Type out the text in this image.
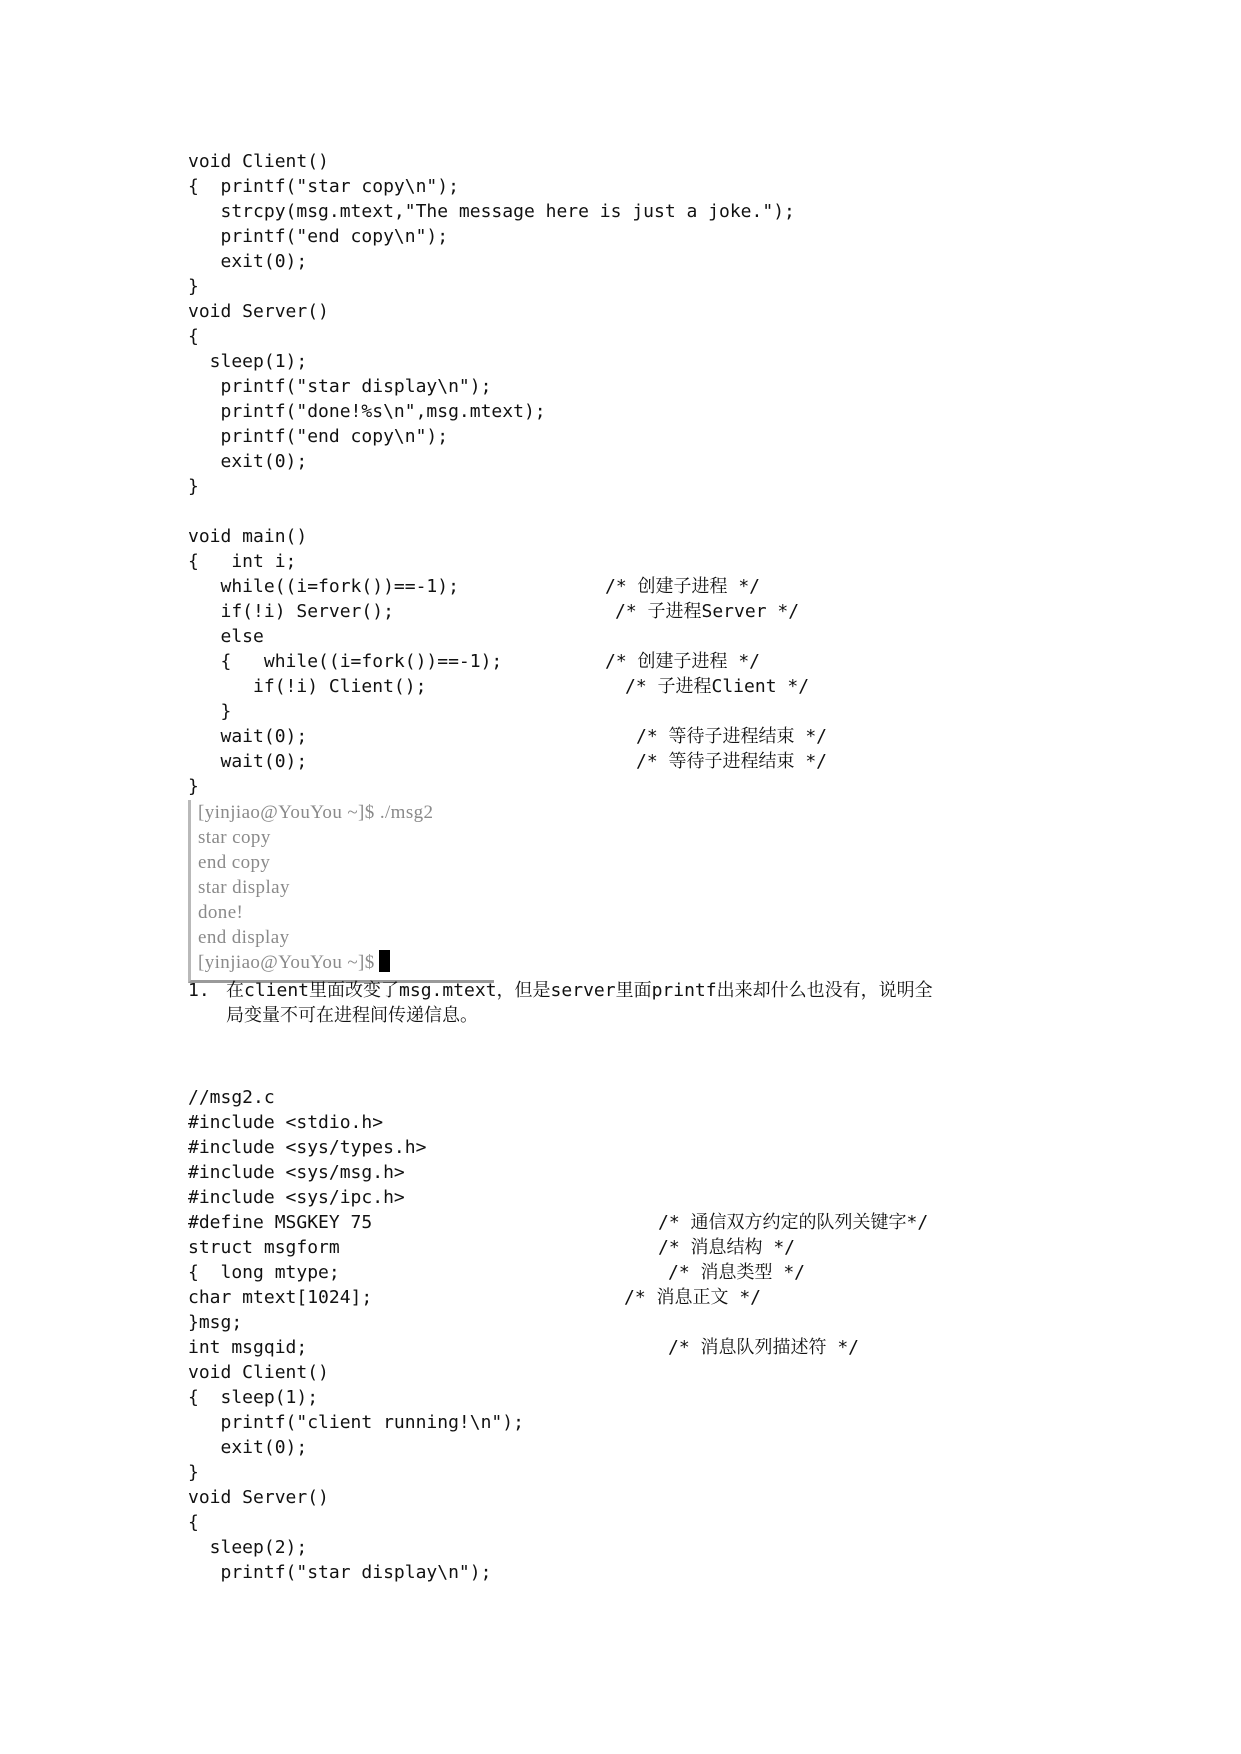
void Client()
{  printf("star copy\n");
strcpy(msg.mtext,"The message here is just a joke.");
printf("end copy\n");
exit(0);
}
void Server()
{
sleep(1);
printf("star display\n");
printf("done!%s\n",msg.mtext);
printf("end copy\n");
exit(0);
}
void main()
{   int i;
while((i=fork())==-1);
if(!i) Server();
else
{   while((i=fork())==-1);
if(!i) Client();
}
wait(0);
wait(0);
}
/* 创建子进程 */
/* 子进程Server */
/* 创建子进程 */
/* 子进程Client */
/* 等待子进程结束 */
/* 等待子进程结束 */
[yinjiao@YouYou ~]$ ./msg2
star copy
end copy
star display
done!
end display
[yinjiao@YouYou ~]$
1. 在client里面改变了msg.mtext，但是server里面printf出来却什么也没有，说明全
局变量不可在进程间传递信息。
//msg2.c
#include <stdio.h>
#include <sys/types.h>
#include <sys/msg.h>
#include <sys/ipc.h>
#define MSGKEY 75
struct msgform
{  long mtype;
char mtext[1024];
}msg;
int msgqid;
void Client()
{  sleep(1);
printf("client running!\n");
exit(0);
}
void Server()
{
sleep(2);
printf("star display\n");
/* 通信双方约定的队列关键字*/
/* 消息结构 */
/* 消息类型 */
/* 消息正文 */
/* 消息队列描述符 */
